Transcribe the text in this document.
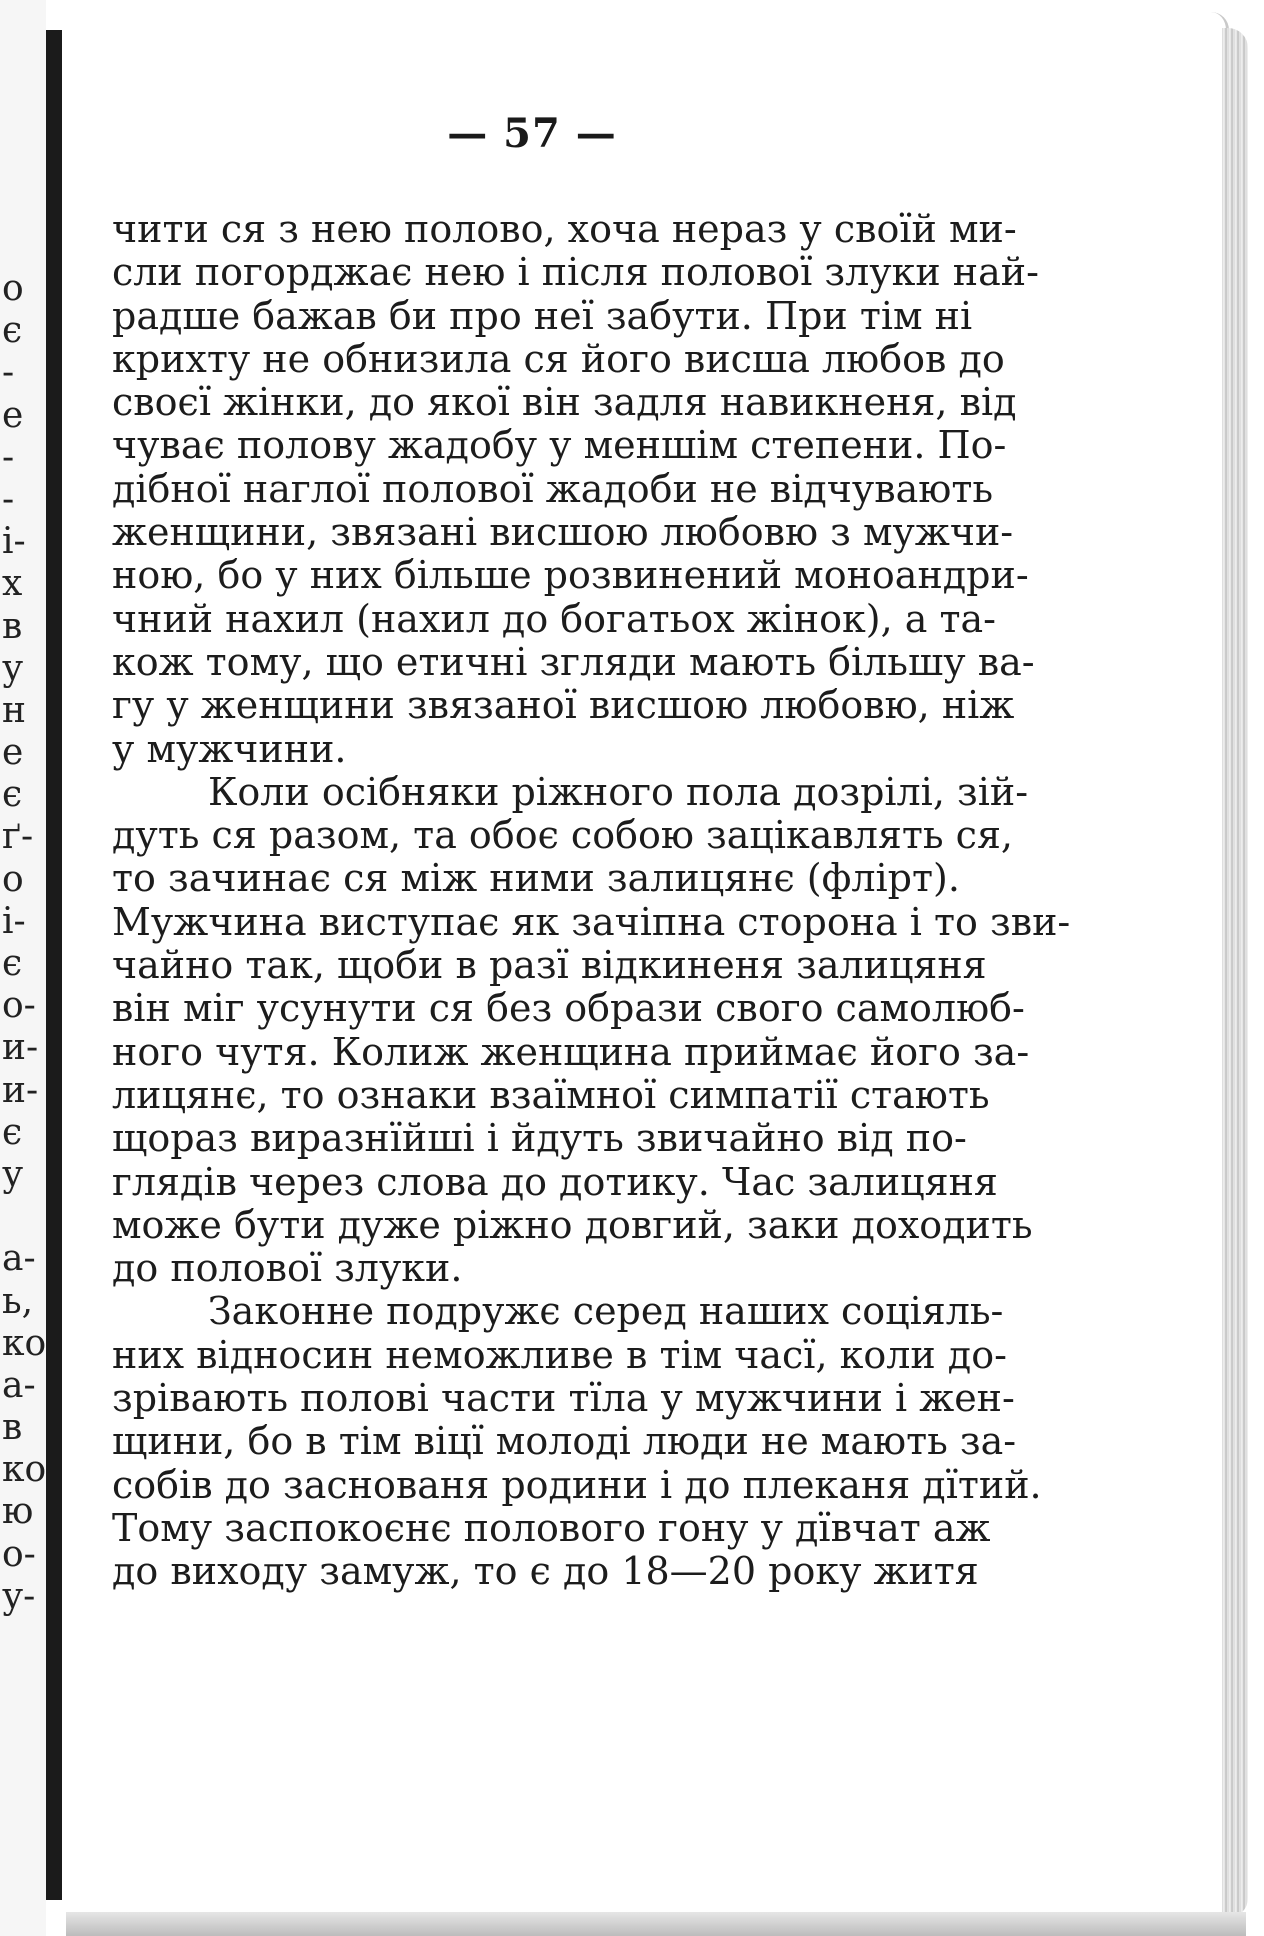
o
є
-
е
-
-
і-
х
в
у
н
е
є
ґ-
о
і-
є
о-
и-
и-
є
у
а-
ь,
ко
а-
в
ко
ю
о-
у-
— 57 —

чити ся з нею полово, хоча нераз у своїй ми-
сли погорджає нею і після полової злуки най-
радше бажав би про неї забути. При тім ні
крихту не обнизила ся його висша любов до
своєї жінки, до якої він задля навикненя, від
чуває полову жадобу у меншім степени. По-
дібної наглої полової жадоби не відчувають
женщини, звязані висшою любовю з мужчи-
ною, бо у них більше розвинений моноандри-
чний нахил (нахил до богатьох жінок), а та-
кож тому, що етичні згляди мають більшу ва-
гу у женщини звязаної висшою любовю, ніж
у мужчини.

Коли осібняки ріжного пола дозрілі, зій-
дуть ся разом, та обоє собою зацікавлять ся,
то зачинає ся між ними залицянє (флірт).
Мужчина виступає як зачіпна сторона і то зви-
чайно так, щоби в разї відкиненя залицяня
він міг усунути ся без образи свого самолюб-
ного чутя. Колиж женщина приймає його за-
лицянє, то ознаки взаїмної симпатії стають
щораз виразнїйші і йдуть звичайно від по-
глядів через слова до дотику. Час залицяня
може бути дуже ріжно довгий, заки доходить
до полової злуки.

Законне подружє серед наших соціяль-
них відносин неможливе в тім часї, коли до-
зрівають полові части тїла у мужчини і жен-
щини, бо в тім віцї молоді люди не мають за-
собів до заснованя родини і до плеканя дїтий.
Тому заспокоєнє полового гону у дївчат аж
до виходу замуж, то є до 18—20 року житя
